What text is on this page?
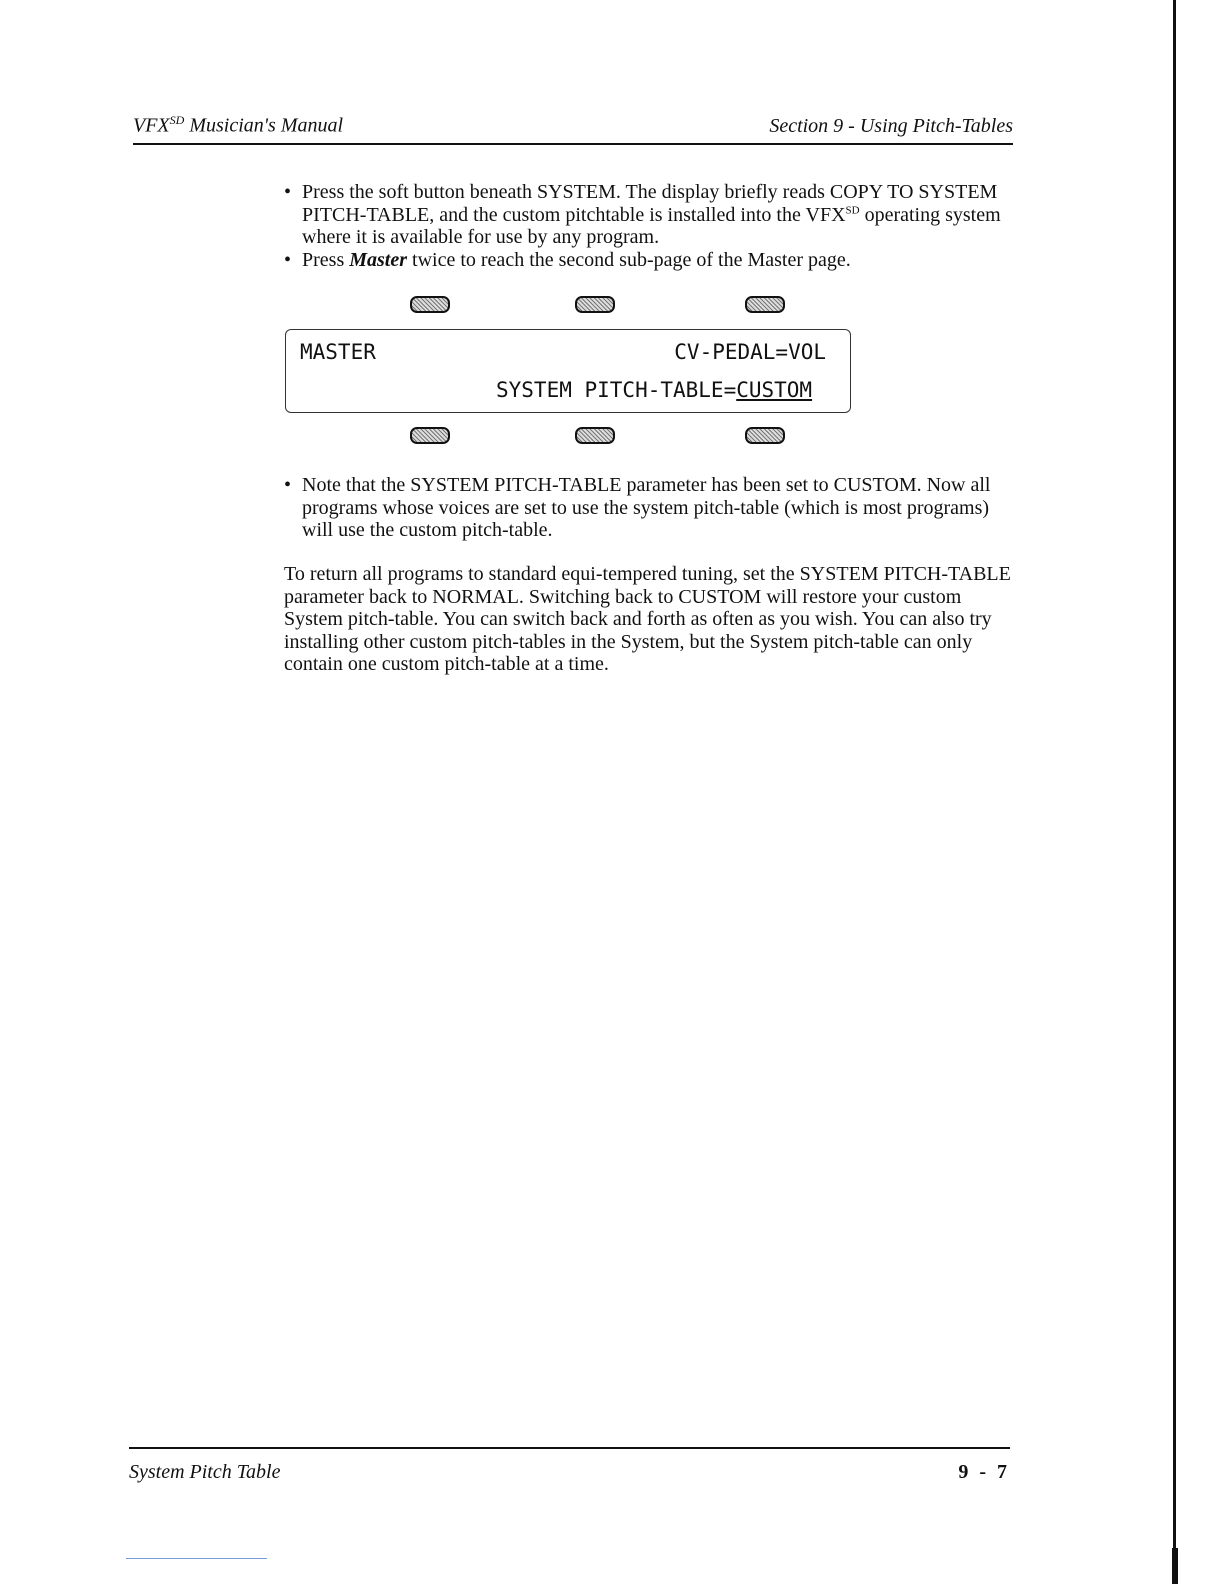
$VFX^{SD}$ Musician's Manual	Section 9 - Using Pitch-Tables
• Press the soft button beneath SYSTEM. The display briefly reads COPY TO SYSTEM PITCH-TABLE, and the custom pitchtable is installed into the $VFX^{SD}$ operating system where it is available for use by any program.
• Press Master twice to reach the second sub-page of the Master page.
MASTER	CV-PEDAL=VOL
SYSTEM PITCH-TABLE=CUSTOM
• Note that the SYSTEM PITCH-TABLE parameter has been set to CUSTOM. Now all programs whose voices are set to use the system pitch-table (which is most programs) will use the custom pitch-table.
To return all programs to standard equi-tempered tuning, set the SYSTEM PITCH-TABLE parameter back to NORMAL. Switching back to CUSTOM will restore your custom System pitch-table. You can switch back and forth as often as you wish. You can also try installing other custom pitch-tables in the System, but the System pitch-table can only contain one custom pitch-table at a time.
System Pitch Table	9 - 7
